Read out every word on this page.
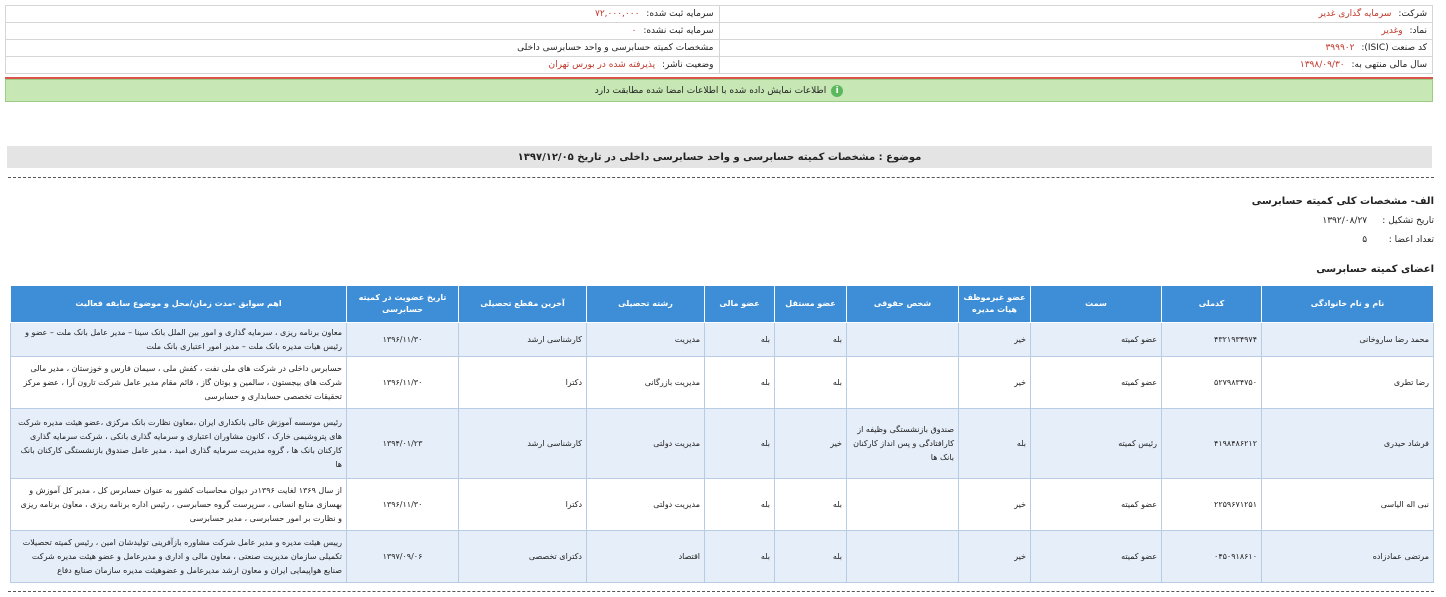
شرکت: سرمایه گذاری غدیر	سرمایه ثبت شده: ۷۲,۰۰۰,۰۰۰
نماد: وغدیر	سرمایه ثبت نشده: ۰
کد صنعت (ISIC): ۳۹۹۹۰۲	مشخصات کمیته حسابرسی و واحد حسابرسی داخلی
سال مالی منتهی به: ۱۳۹۸/۰۹/۳۰	وضعیت ناشر: پذیرفته شده در بورس تهران
i
اطلاعات نمایش داده شده با اطلاعات امضا شده مطابقت دارد
موضوع : مشخصات کمیته حسابرسی و واحد حسابرسی داخلی در تاریخ ۱۳۹۷/۱۲/۰۵
الف- مشخصات کلی کمیته حسابرسی
تاریخ تشکیل : ۱۳۹۲/۰۸/۲۷
تعداد اعضا : ۵
اعضای کمیته حسابرسی
نام و نام خانوادگی	کدملی	سمت	عضو غیرموظف هیات مدیره	شخص حقوقی	عضو مستقل	عضو مالی	رشته تحصیلی	آخرین مقطع تحصیلی	تاریخ عضویت در کمیته حسابرسی	اهم سوابق -مدت زمان/محل و موضوع سابقه فعالیت
محمد رضا ساروخانی	۴۳۲۱۹۳۴۹۷۴	عضو کمیته	خیر		بله	بله	مدیریت	کارشناسی ارشد	۱۳۹۶/۱۱/۳۰	معاون برنامه ریزی ، سرمایه گذاری و امور بین الملل بانک سینا – مدیر عامل بانک ملت – عضو و رئیس هیات مدیره بانک ملت – مدیر امور اعتباری بانک ملت
رضا تطری	۵۲۷۹۸۳۴۷۵۰	عضو کمیته	خیر		بله	بله	مدیریت بازرگانی	دکترا	۱۳۹۶/۱۱/۳۰	حسابرس داخلی در شرکت های ملی نفت ، کفش ملی ، سیمان فارس و خوزستان ، مدیر مالی شرکت های بیجستون ، سالمین و بوتان گاز ، قائم مقام مدیر عامل شرکت تارون آرا ، عضو مرکز تحقیقات تخصصی حسابداری و حسابرسی
فرشاد حیدری	۴۱۹۸۴۸۶۲۱۲	رئیس کمیته	بله	صندوق بازنشستگی وظیفه از کارافتادگی و پس انداز کارکنان بانک ها	خیر	بله	مدیریت دولتی	کارشناسی ارشد	۱۳۹۴/۰۱/۲۳	رئیس موسسه آموزش عالی بانکداری ایران ،معاون نظارت بانک مرکزی ،عضو هیئت مدیره شرکت های پتروشیمی خارک ، کانون مشاوران اعتباری و سرمایه گذاری بانکی ، شرکت سرمایه گذاری کارکنان بانک ها ، گروه مدیریت سرمایه گذاری امید ، مدیر عامل صندوق بازنشستگی کارکنان بانک ها
نبی اله الیاسی	۲۲۵۹۶۷۱۲۵۱	عضو کمیته	خیر		بله	بله	مدیریت دولتی	دکترا	۱۳۹۶/۱۱/۳۰	از سال ۱۳۶۹ لغایت ۱۳۹۶در دیوان محاسبات کشور به عنوان حسابرس کل ، مدیر کل آموزش و بهسازی منابع انسانی ، سرپرست گروه حسابرسی ، رئیس اداره برنامه ریزی ، معاون برنامه ریزی و نظارت بر امور حسابرسی ، مدیر حسابرسی
مرتضی عمادزاده	۰۴۵۰۹۱۸۶۱۰	عضو کمیته	خیر		بله	بله	اقتصاد	دکترای تخصصی	۱۳۹۷/۰۹/۰۶	رییس هیئت مدیره و مدیر عامل شرکت مشاوره بازآفرینی تولیدشان امین ، رئیس کمیته تحصیلات تکمیلی سازمان مدیریت صنعتی ، معاون مالی و اداری و مدیرعامل و عضو هیئت مدیره شرکت صنایع هواپیمایی ایران و معاون ارشد مدیرعامل و عضوهیئت مدیره سازمان صنایع دفاع
